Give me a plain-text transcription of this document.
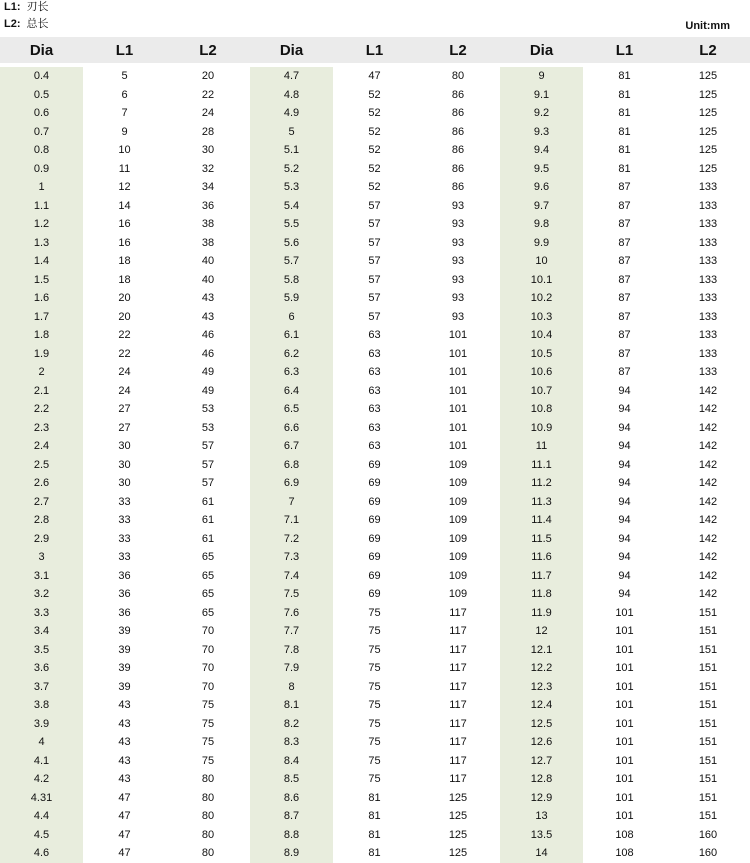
L1: 刃长
L2: 总长	Unit:mm
Dia	L1	L2	Dia	L1	L2	Dia	L1	L2

0.4	5	20	4.7	47	80	9	81	125
0.5	6	22	4.8	52	86	9.1	81	125
0.6	7	24	4.9	52	86	9.2	81	125
0.7	9	28	5	52	86	9.3	81	125
0.8	10	30	5.1	52	86	9.4	81	125
0.9	11	32	5.2	52	86	9.5	81	125
1	12	34	5.3	52	86	9.6	87	133
1.1	14	36	5.4	57	93	9.7	87	133
1.2	16	38	5.5	57	93	9.8	87	133
1.3	16	38	5.6	57	93	9.9	87	133
1.4	18	40	5.7	57	93	10	87	133
1.5	18	40	5.8	57	93	10.1	87	133
1.6	20	43	5.9	57	93	10.2	87	133
1.7	20	43	6	57	93	10.3	87	133
1.8	22	46	6.1	63	101	10.4	87	133
1.9	22	46	6.2	63	101	10.5	87	133
2	24	49	6.3	63	101	10.6	87	133
2.1	24	49	6.4	63	101	10.7	94	142
2.2	27	53	6.5	63	101	10.8	94	142
2.3	27	53	6.6	63	101	10.9	94	142
2.4	30	57	6.7	63	101	11	94	142
2.5	30	57	6.8	69	109	11.1	94	142
2.6	30	57	6.9	69	109	11.2	94	142
2.7	33	61	7	69	109	11.3	94	142
2.8	33	61	7.1	69	109	11.4	94	142
2.9	33	61	7.2	69	109	11.5	94	142
3	33	65	7.3	69	109	11.6	94	142
3.1	36	65	7.4	69	109	11.7	94	142
3.2	36	65	7.5	69	109	11.8	94	142
3.3	36	65	7.6	75	117	11.9	101	151
3.4	39	70	7.7	75	117	12	101	151
3.5	39	70	7.8	75	117	12.1	101	151
3.6	39	70	7.9	75	117	12.2	101	151
3.7	39	70	8	75	117	12.3	101	151
3.8	43	75	8.1	75	117	12.4	101	151
3.9	43	75	8.2	75	117	12.5	101	151
4	43	75	8.3	75	117	12.6	101	151
4.1	43	75	8.4	75	117	12.7	101	151
4.2	43	80	8.5	75	117	12.8	101	151
4.31	47	80	8.6	81	125	12.9	101	151
4.4	47	80	8.7	81	125	13	101	151
4.5	47	80	8.8	81	125	13.5	108	160
4.6	47	80	8.9	81	125	14	108	160
